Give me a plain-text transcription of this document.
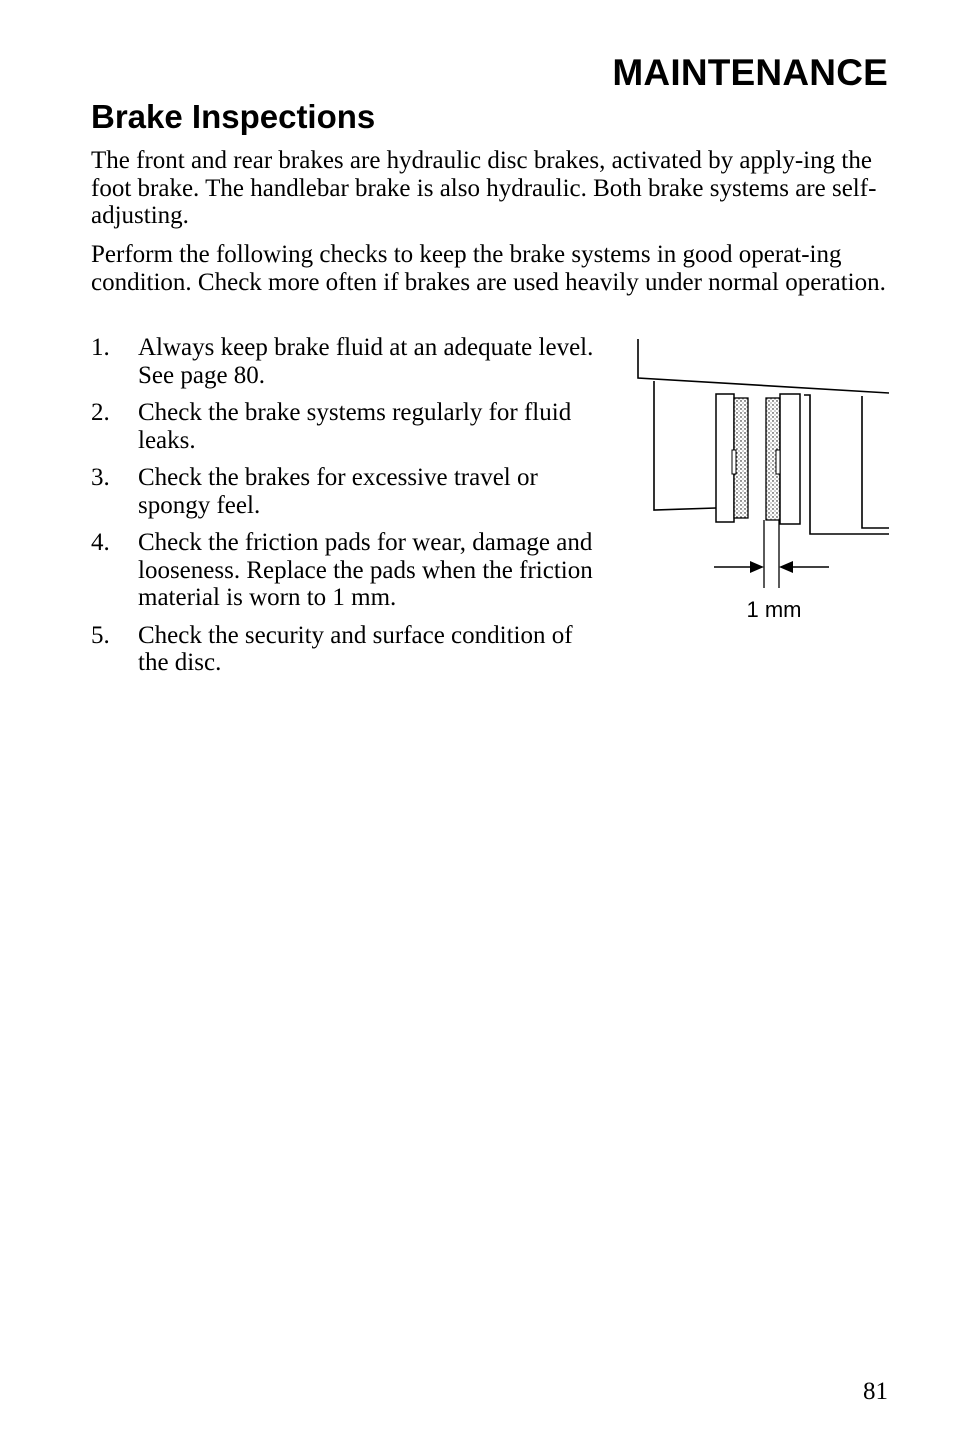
MAINTENANCE
Brake Inspections

The front and rear brakes are hydraulic disc brakes, activated by apply-ing the foot brake. The handlebar brake is also hydraulic. Both brake systems are self-adjusting.

Perform the following checks to keep the brake systems in good operat-ing condition. Check more often if brakes are used heavily under normal operation.

1. Always keep brake fluid at an adequate level. See page 80.
2. Check the brake systems regularly for fluid leaks.
3. Check the brakes for excessive travel or spongy feel.
4. Check the friction pads for wear, damage and looseness. Replace the pads when the friction material is worn to 1 mm.
5. Check the security and surface condition of the disc.
1 mm

81
